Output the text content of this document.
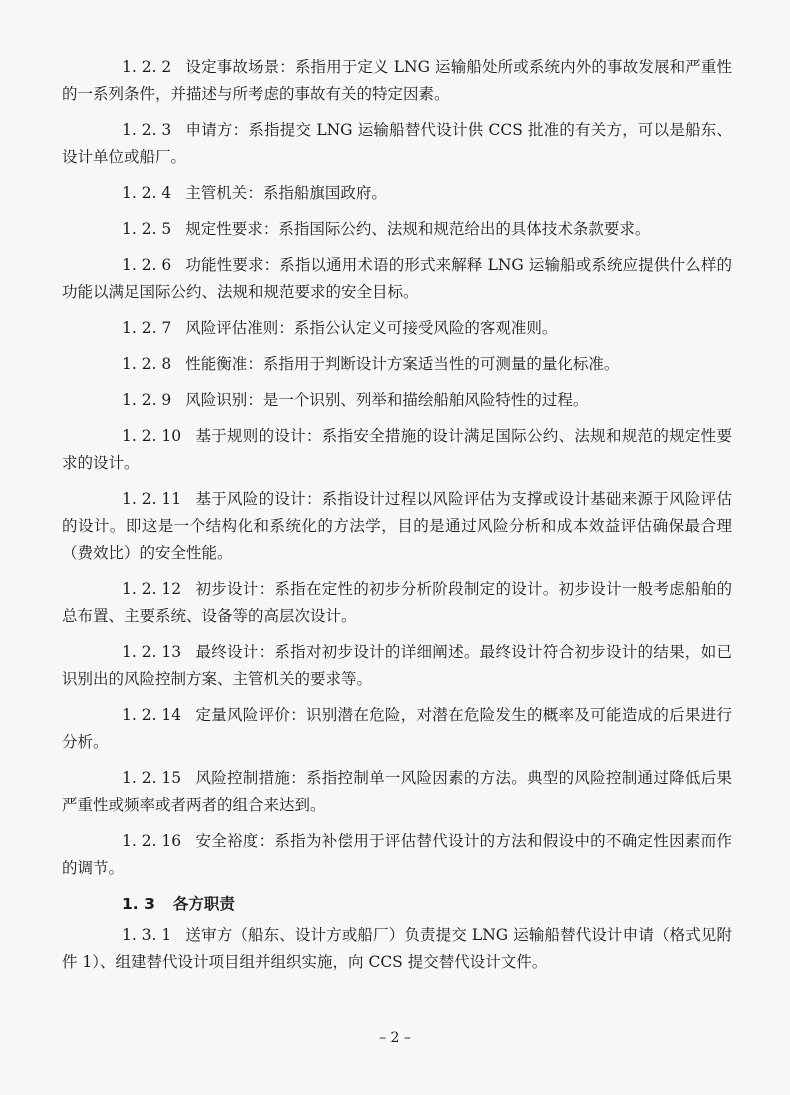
1. 2. 2 设定事故场景：系指用于定义 LNG 运输船处所或系统内外的事故发展和严重性的一系列条件，并描述与所考虑的事故有关的特定因素。

1. 2. 3 申请方：系指提交 LNG 运输船替代设计供 CCS 批准的有关方，可以是船东、设计单位或船厂。

1. 2. 4 主管机关：系指船旗国政府。

1. 2. 5 规定性要求：系指国际公约、法规和规范给出的具体技术条款要求。

1. 2. 6 功能性要求：系指以通用术语的形式来解释 LNG 运输船或系统应提供什么样的功能以满足国际公约、法规和规范要求的安全目标。

1. 2. 7 风险评估准则：系指公认定义可接受风险的客观准则。

1. 2. 8 性能衡准：系指用于判断设计方案适当性的可测量的量化标准。

1. 2. 9 风险识别：是一个识别、列举和描绘船舶风险特性的过程。

1. 2. 10 基于规则的设计：系指安全措施的设计满足国际公约、法规和规范的规定性要求的设计。

1. 2. 11 基于风险的设计：系指设计过程以风险评估为支撑或设计基础来源于风险评估的设计。即这是一个结构化和系统化的方法学，目的是通过风险分析和成本效益评估确保最合理（费效比）的安全性能。

1. 2. 12 初步设计：系指在定性的初步分析阶段制定的设计。初步设计一般考虑船舶的总布置、主要系统、设备等的高层次设计。

1. 2. 13 最终设计：系指对初步设计的详细阐述。最终设计符合初步设计的结果，如已识别出的风险控制方案、主管机关的要求等。

1. 2. 14 定量风险评价：识别潜在危险，对潜在危险发生的概率及可能造成的后果进行分析。

1. 2. 15 风险控制措施：系指控制单一风险因素的方法。典型的风险控制通过降低后果严重性或频率或者两者的组合来达到。

1. 2. 16 安全裕度：系指为补偿用于评估替代设计的方法和假设中的不确定性因素而作的调节。

1. 3 各方职责

1. 3. 1 送审方（船东、设计方或船厂）负责提交 LNG 运输船替代设计申请（格式见附件 1）、组建替代设计项目组并组织实施，向 CCS 提交替代设计文件。

– 2 –
